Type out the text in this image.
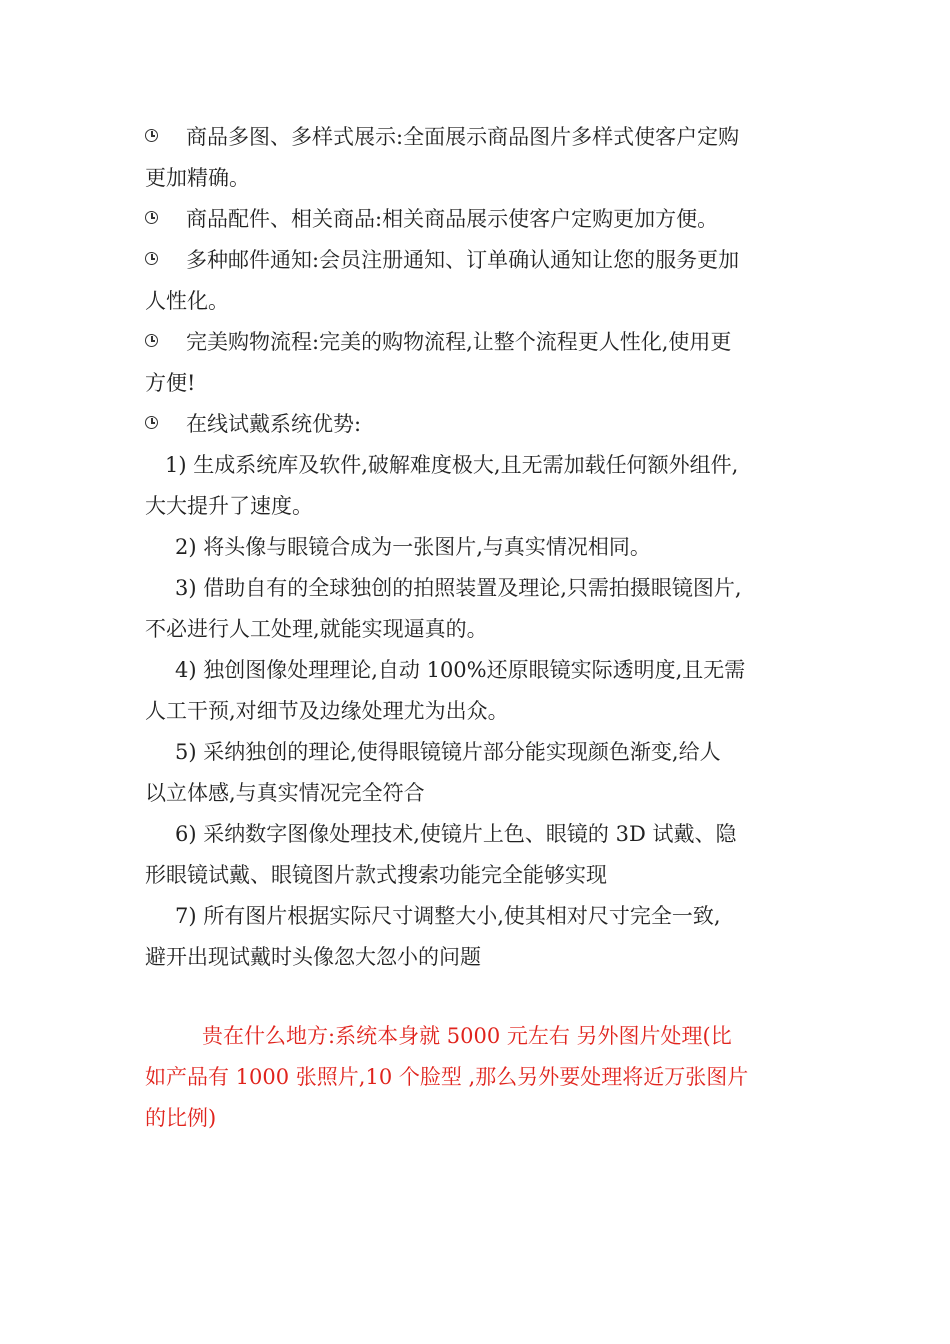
商品多图、多样式展示:全面展示商品图片多样式使客户定购
更加精确。
商品配件、相关商品:相关商品展示使客户定购更加方便。
多种邮件通知:会员注册通知、订单确认通知让您的服务更加
人性化。
完美购物流程:完美的购物流程,让整个流程更人性化,使用更
方便!
在线试戴系统优势:
1) 生成系统库及软件,破解难度极大,且无需加载任何额外组件,
大大提升了速度。
2) 将头像与眼镜合成为一张图片,与真实情况相同。
3) 借助自有的全球独创的拍照装置及理论,只需拍摄眼镜图片,
不必进行人工处理,就能实现逼真的。
4) 独创图像处理理论,自动 100%还原眼镜实际透明度,且无需
人工干预,对细节及边缘处理尤为出众。
5) 采纳独创的理论,使得眼镜镜片部分能实现颜色渐变,给人
以立体感,与真实情况完全符合
6) 采纳数字图像处理技术,使镜片上色、眼镜的 3D 试戴、隐
形眼镜试戴、眼镜图片款式搜索功能完全能够实现
7) 所有图片根据实际尺寸调整大小,使其相对尺寸完全一致,
避开出现试戴时头像忽大忽小的问题
贵在什么地方:系统本身就 5000 元左右 另外图片处理(比
如产品有 1000 张照片,10 个脸型 ,那么另外要处理将近万张图片
的比例)
